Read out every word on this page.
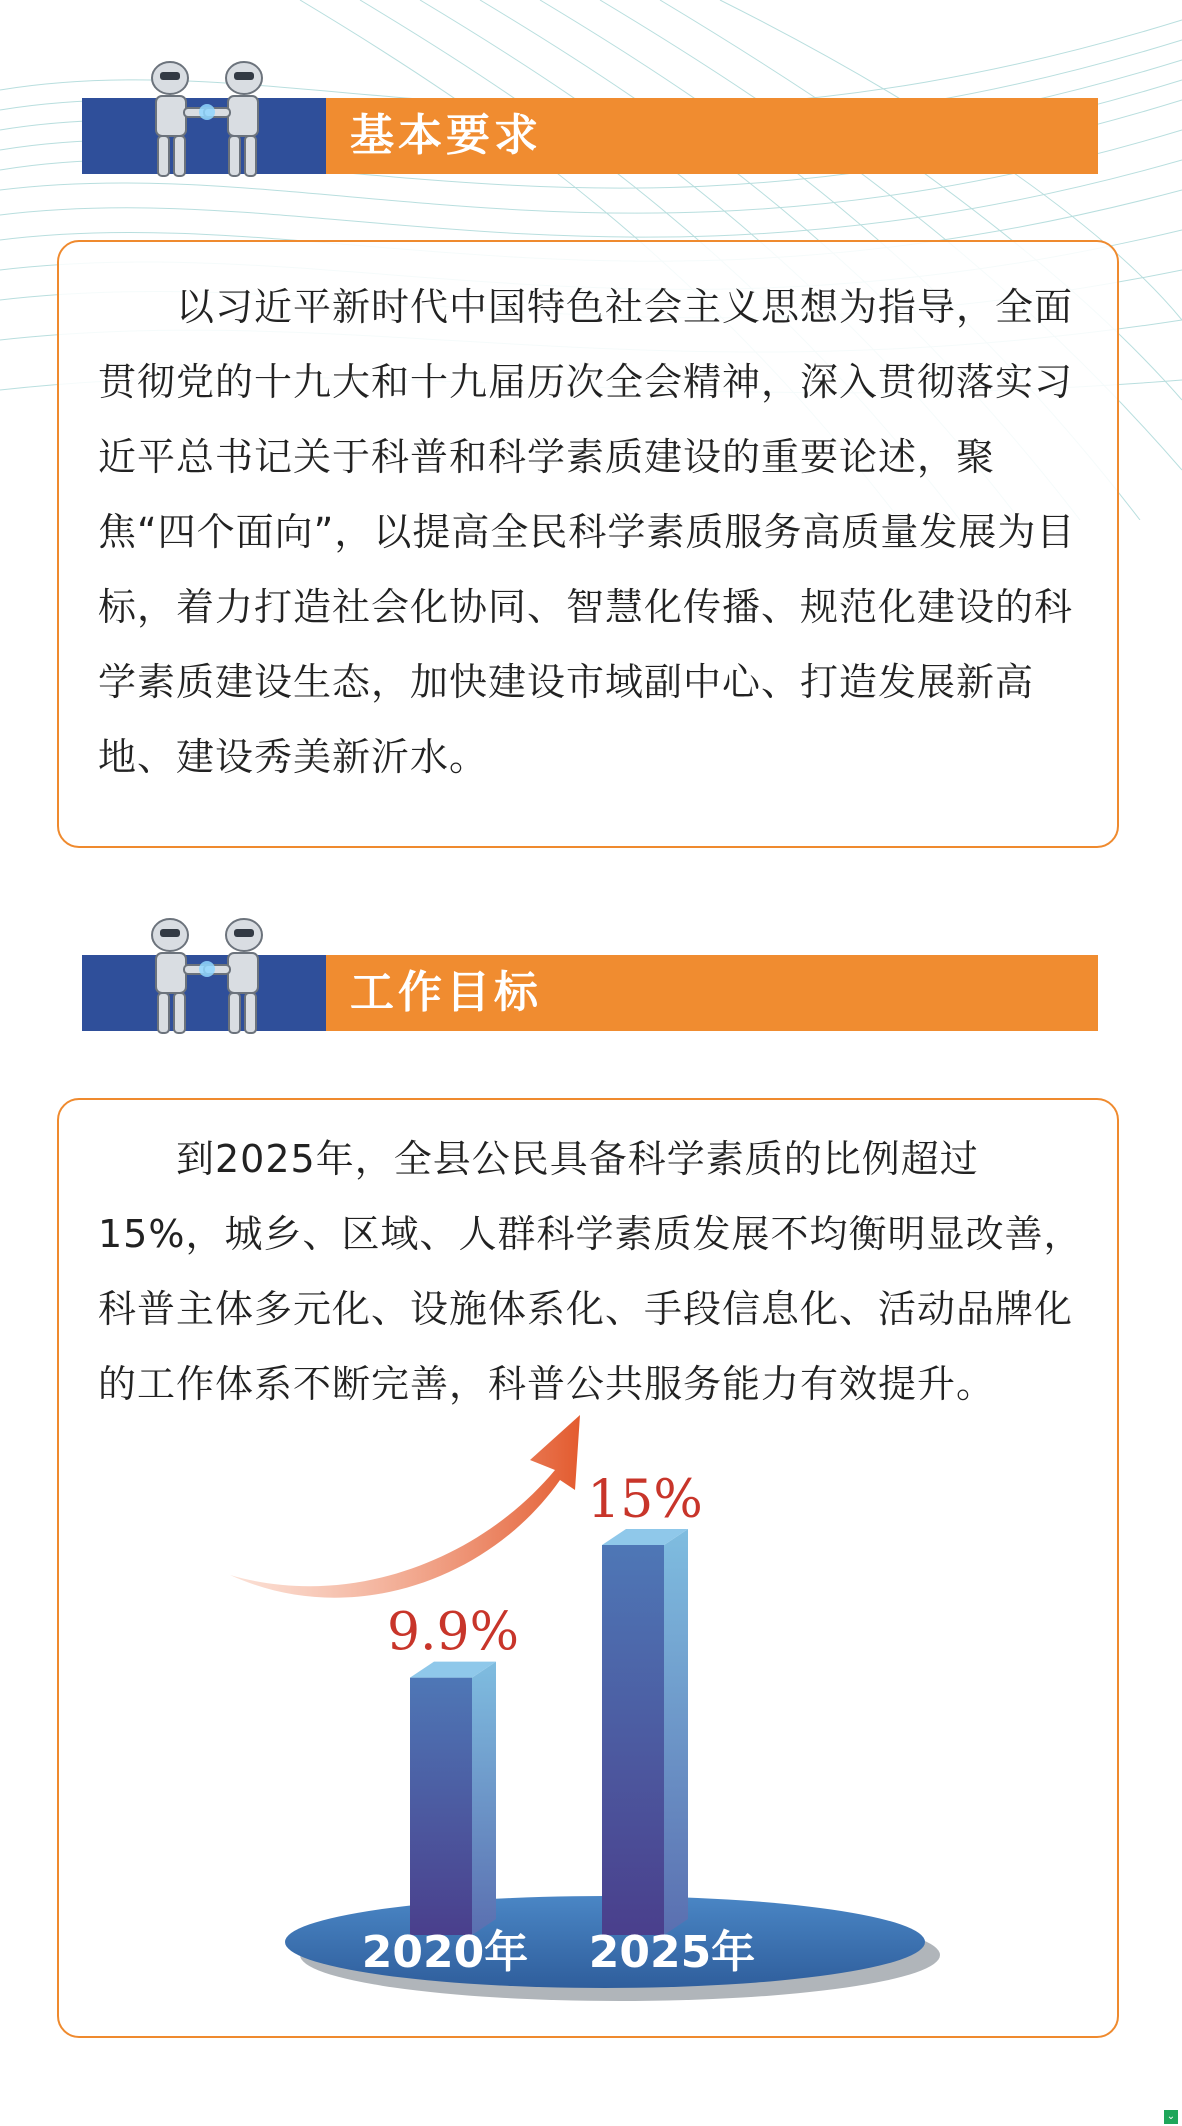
基本要求

以习近平新时代中国特色社会主义思想为指导，全面贯彻党的十九大和十九届历次全会精神，深入贯彻落实习近平总书记关于科普和科学素质建设的重要论述，聚焦“四个面向”，以提高全民科学素质服务高质量发展为目标，着力打造社会化协同、智慧化传播、规范化建设的科学素质建设生态，加快建设市域副中心、打造发展新高地、建设秀美新沂水。

工作目标

到2025年，全县公民具备科学素质的比例超过15%，城乡、区域、人群科学素质发展不均衡明显改善，科普主体多元化、设施体系化、手段信息化、活动品牌化的工作体系不断完善，科普公共服务能力有效提升。

9.9%
2020年
15%
2025年
⌄
